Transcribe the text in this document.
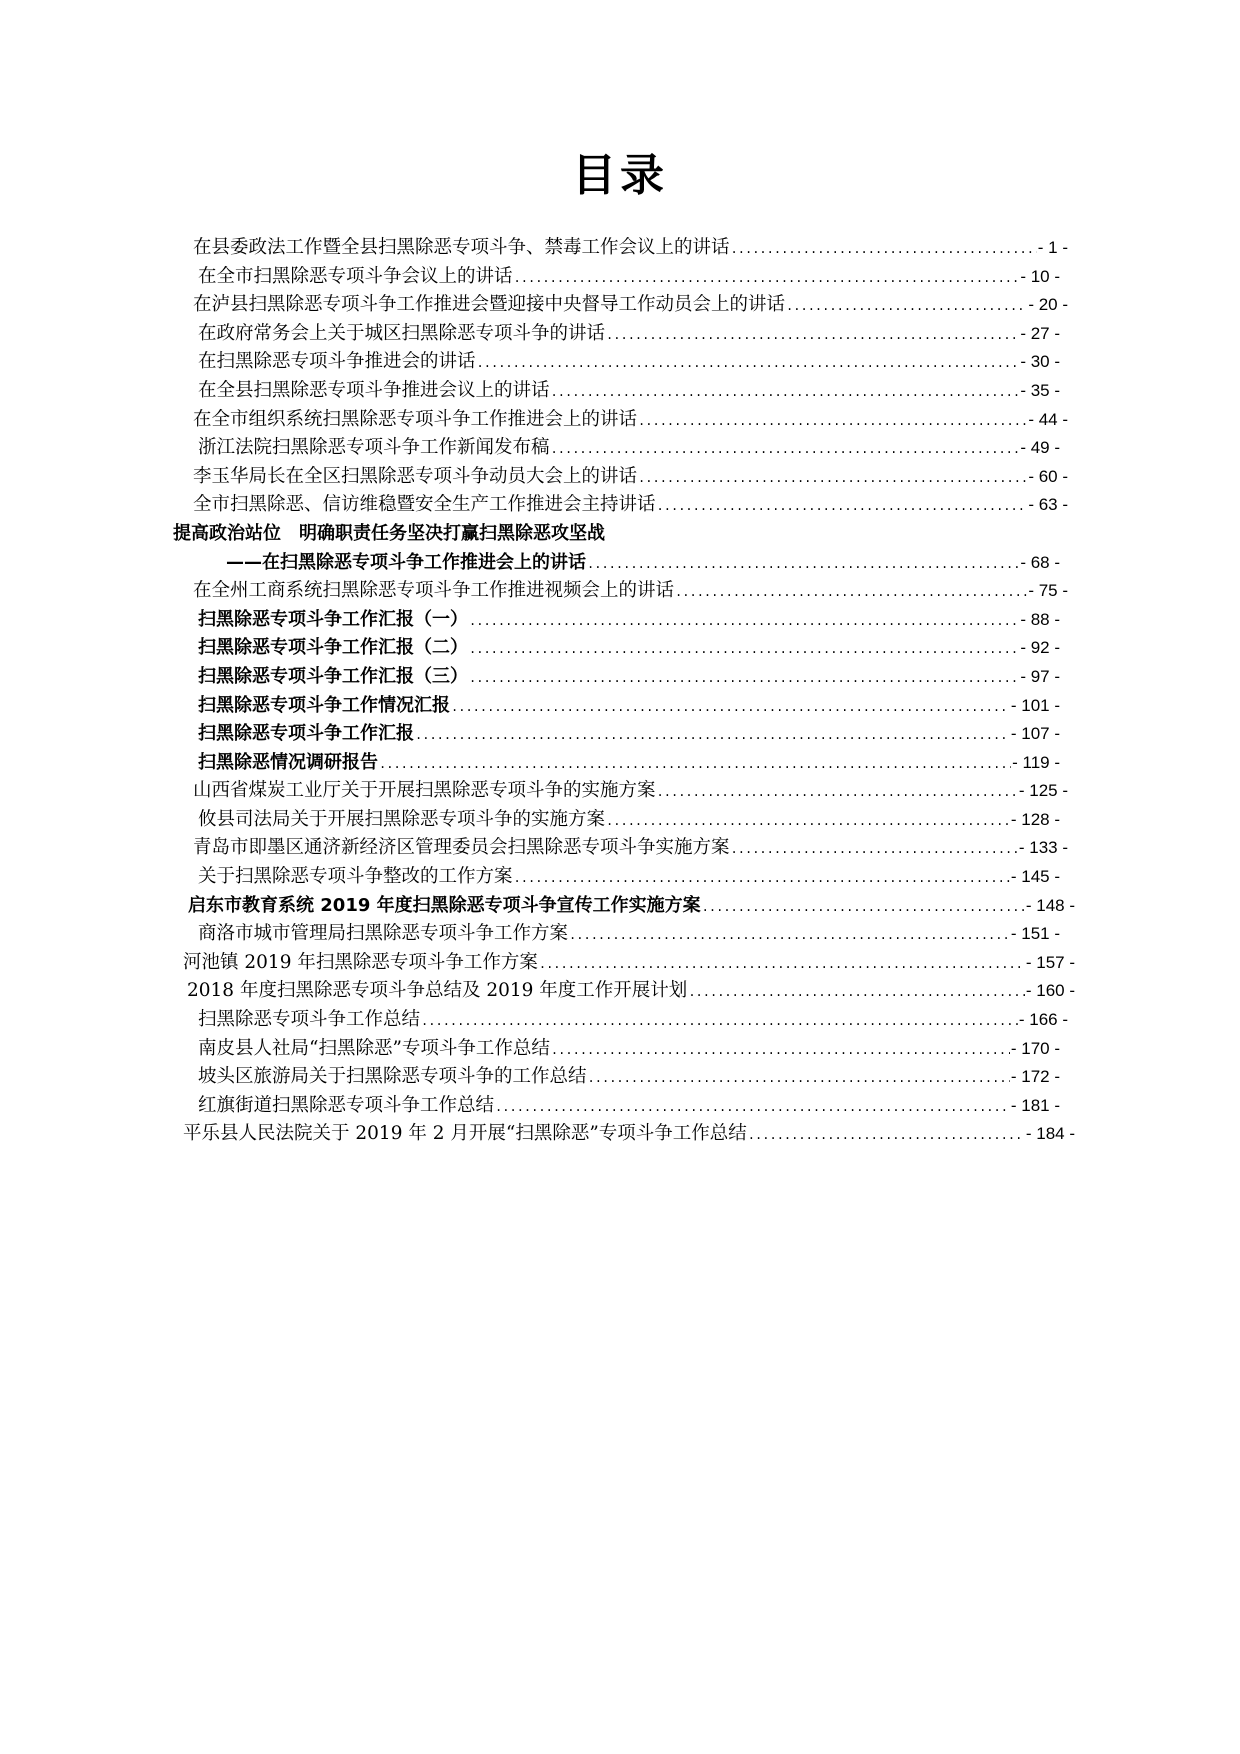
目录
在县委政法工作暨全县扫黑除恶专项斗争、禁毒工作会议上的讲话 .....	- 1 -
在全市扫黑除恶专项斗争会议上的讲话 .....	- 10 -
在泸县扫黑除恶专项斗争工作推进会暨迎接中央督导工作动员会上的讲话 .....	- 20 -
在政府常务会上关于城区扫黑除恶专项斗争的讲话 .....	- 27 -
在扫黑除恶专项斗争推进会的讲话 .....	- 30 -
在全县扫黑除恶专项斗争推进会议上的讲话 .....	- 35 -
在全市组织系统扫黑除恶专项斗争工作推进会上的讲话 .....	- 44 -
浙江法院扫黑除恶专项斗争工作新闻发布稿 .....	- 49 -
李玉华局长在全区扫黑除恶专项斗争动员大会上的讲话 .....	- 60 -
全市扫黑除恶、信访维稳暨安全生产工作推进会主持讲话 .....	- 63 -
提高政治站位　明确职责任务坚决打赢扫黑除恶攻坚战
——在扫黑除恶专项斗争工作推进会上的讲话 .....	- 68 -
在全州工商系统扫黑除恶专项斗争工作推进视频会上的讲话 .....	- 75 -
扫黑除恶专项斗争工作汇报（一） .....	- 88 -
扫黑除恶专项斗争工作汇报（二） .....	- 92 -
扫黑除恶专项斗争工作汇报（三） .....	- 97 -
扫黑除恶专项斗争工作情况汇报 .....	- 101 -
扫黑除恶专项斗争工作汇报 .....	- 107 -
扫黑除恶情况调研报告 .....	- 119 -
山西省煤炭工业厅关于开展扫黑除恶专项斗争的实施方案 .....	- 125 -
攸县司法局关于开展扫黑除恶专项斗争的实施方案 .....	- 128 -
青岛市即墨区通济新经济区管理委员会扫黑除恶专项斗争实施方案 .....	- 133 -
关于扫黑除恶专项斗争整改的工作方案 .....	- 145 -
启东市教育系统 2019 年度扫黑除恶专项斗争宣传工作实施方案 .....	- 148 -
商洛市城市管理局扫黑除恶专项斗争工作方案 .....	- 151 -
河池镇 2019 年扫黑除恶专项斗争工作方案 .....	- 157 -
2018 年度扫黑除恶专项斗争总结及 2019 年度工作开展计划 .....	- 160 -
扫黑除恶专项斗争工作总结 .....	- 166 -
南皮县人社局“扫黑除恶”专项斗争工作总结 .....	- 170 -
坡头区旅游局关于扫黑除恶专项斗争的工作总结 .....	- 172 -
红旗街道扫黑除恶专项斗争工作总结 .....	- 181 -
平乐县人民法院关于 2019 年 2 月开展“扫黑除恶”专项斗争工作总结 .....	- 184 -
